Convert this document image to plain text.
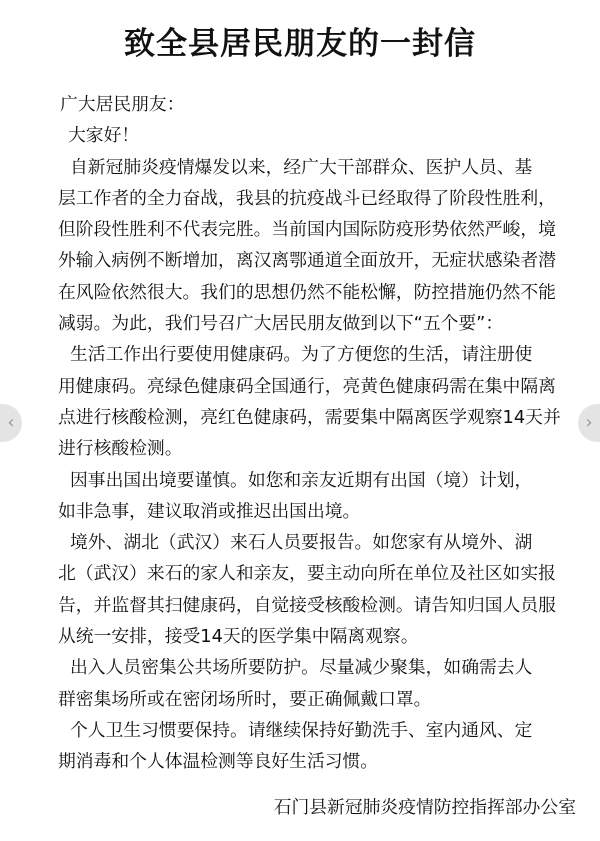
致全县居民朋友的一封信

广大居民朋友：

大家好！

自新冠肺炎疫情爆发以来，经广大干部群众、医护人员、基
层工作者的全力奋战，我县的抗疫战斗已经取得了阶段性胜利，
但阶段性胜利不代表完胜。当前国内国际防疫形势依然严峻，境
外输入病例不断增加，离汉离鄂通道全面放开，无症状感染者潜
在风险依然很大。我们的思想仍然不能松懈，防控措施仍然不能
减弱。为此，我们号召广大居民朋友做到以下“五个要”：

生活工作出行要使用健康码。为了方便您的生活，请注册使
用健康码。亮绿色健康码全国通行，亮黄色健康码需在集中隔离
点进行核酸检测，亮红色健康码，需要集中隔离医学观察14天并
进行核酸检测。

因事出国出境要谨慎。如您和亲友近期有出国（境）计划，
如非急事，建议取消或推迟出国出境。

境外、湖北（武汉）来石人员要报告。如您家有从境外、湖
北（武汉）来石的家人和亲友，要主动向所在单位及社区如实报
告，并监督其扫健康码，自觉接受核酸检测。请告知归国人员服
从统一安排，接受14天的医学集中隔离观察。

出入人员密集公共场所要防护。尽量减少聚集，如确需去人
群密集场所或在密闭场所时，要正确佩戴口罩。

个人卫生习惯要保持。请继续保持好勤洗手、室内通风、定
期消毒和个人体温检测等良好生活习惯。

石门县新冠肺炎疫情防控指挥部办公室
‹	›
